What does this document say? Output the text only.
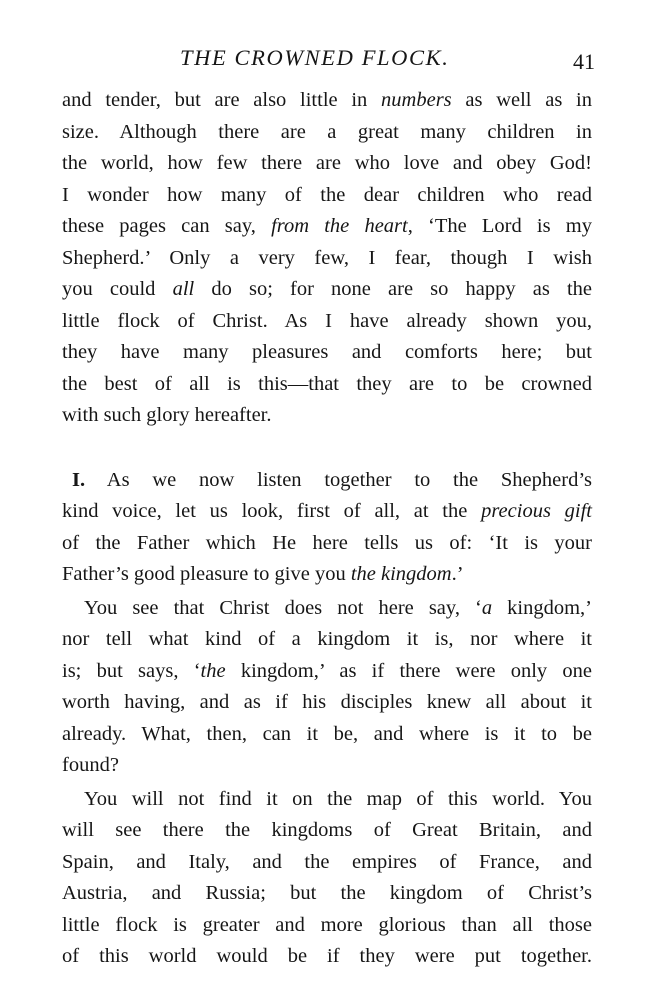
THE CROWNED FLOCK.	41
and tender, but are also little in numbers as well as in
size. Although there are a great many children in
the world, how few there are who love and obey God!
I wonder how many of the dear children who read
these pages can say, from the heart, ‘The Lord is my
Shepherd.’ Only a very few, I fear, though I wish
you could all do so; for none are so happy as the
little flock of Christ. As I have already shown you,
they have many pleasures and comforts here; but
the best of all is this—that they are to be crowned
with such glory hereafter.
I. As we now listen together to the Shepherd’s
kind voice, let us look, first of all, at the precious gift
of the Father which He here tells us of: ‘It is your
Father’s good pleasure to give you the kingdom.’
You see that Christ does not here say, ‘a kingdom,’
nor tell what kind of a kingdom it is, nor where it
is; but says, ‘the kingdom,’ as if there were only one
worth having, and as if his disciples knew all about it
already. What, then, can it be, and where is it to be
found?
You will not find it on the map of this world. You
will see there the kingdoms of Great Britain, and
Spain, and Italy, and the empires of France, and
Austria, and Russia; but the kingdom of Christ’s
little flock is greater and more glorious than all those
of this world would be if they were put together.
